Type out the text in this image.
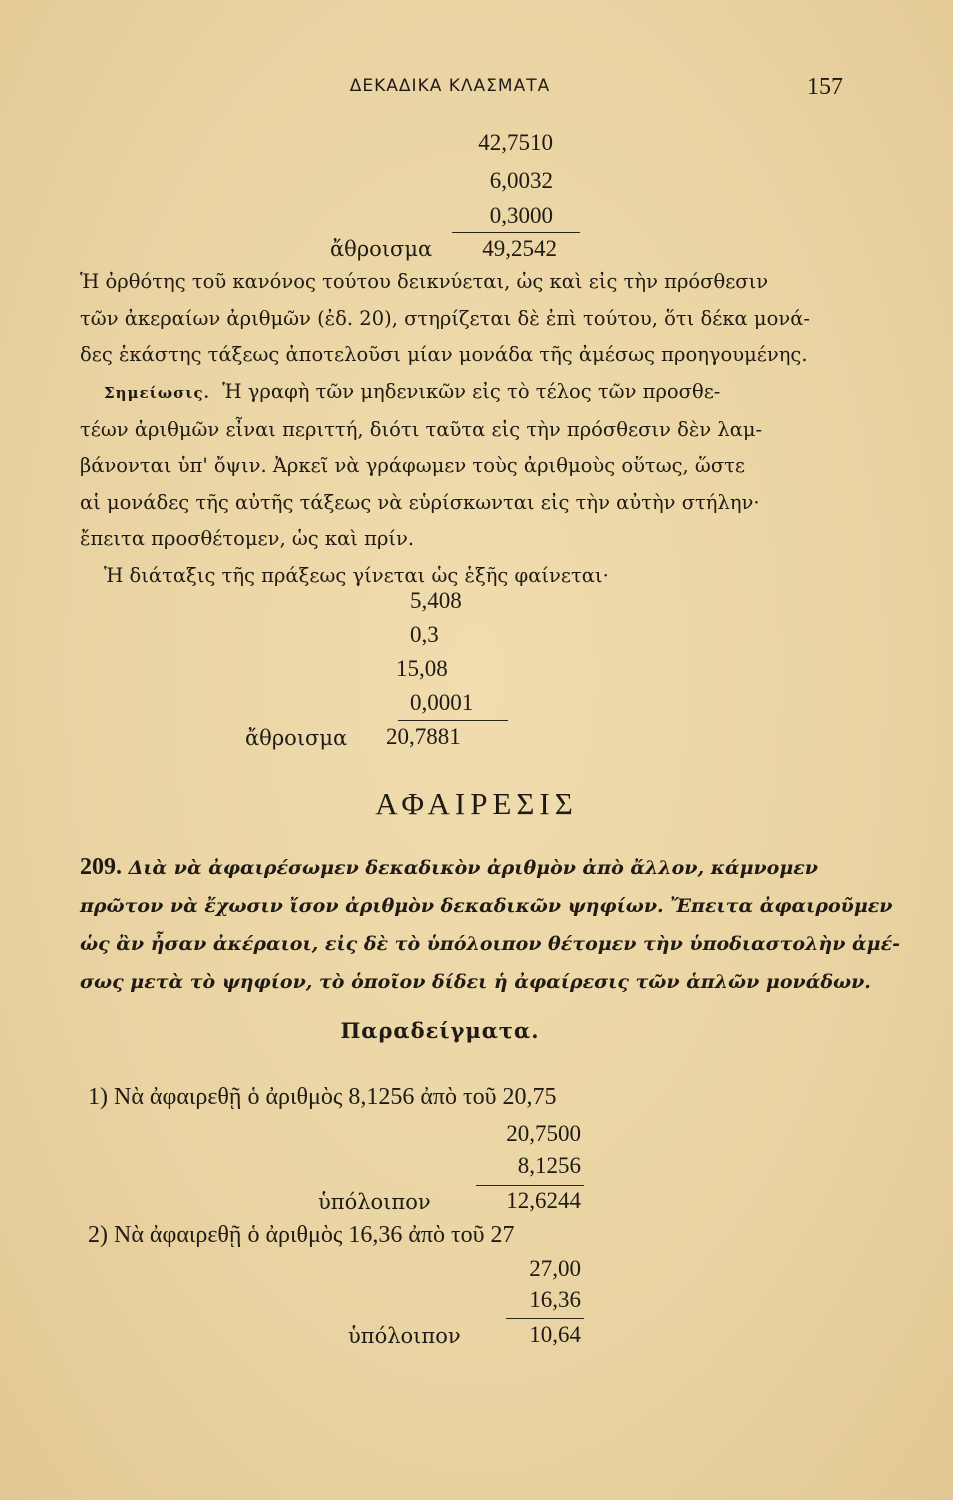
ΔΕΚΑΔΙΚΑ ΚΛΑΣΜΑΤΑ	157
42,7510
6,0032
0,3000
ἄθροισμα 49,2542
Ἡ ὀρθότης τοῦ κανόνος τούτου δεικνύεται, ὡς καὶ εἰς τὴν πρόσθεσιν
τῶν ἀκεραίων ἀριθμῶν (ἐδ. 20), στηρίζεται δὲ ἐπὶ τούτου, ὅτι δέκα μονά-
δες ἑκάστης τάξεως ἀποτελοῦσι μίαν μονάδα τῆς ἀμέσως προηγουμένης.
Σημείωσις. Ἡ γραφὴ τῶν μηδενικῶν εἰς τὸ τέλος τῶν προσθε-
τέων ἀριθμῶν εἶναι περιττή, διότι ταῦτα εἰς τὴν πρόσθεσιν δὲν λαμ-
βάνονται ὑπ' ὄψιν. Ἀρκεῖ νὰ γράφωμεν τοὺς ἀριθμοὺς οὕτως, ὥστε
αἱ μονάδες τῆς αὐτῆς τάξεως νὰ εὑρίσκωνται εἰς τὴν αὐτὴν στήλην·
ἔπειτα προσθέτομεν, ὡς καὶ πρίν.
Ἡ διάταξις τῆς πράξεως γίνεται ὡς ἑξῆς φαίνεται·
5,408
0,3
15,08
0,0001
ἄθροισμα 20,7881
ΑΦΑΙΡΕΣΙΣ
209. Διὰ νὰ ἀφαιρέσωμεν δεκαδικὸν ἀριθμὸν ἀπὸ ἄλλον, κάμνομεν
πρῶτον νὰ ἔχωσιν ἴσον ἀριθμὸν δεκαδικῶν ψηφίων. Ἔπειτα ἀφαιροῦμεν
ὡς ἂν ἦσαν ἀκέραιοι, εἰς δὲ τὸ ὑπόλοιπον θέτομεν τὴν ὑποδιαστολὴν ἀμέ-
σως μετὰ τὸ ψηφίον, τὸ ὁποῖον δίδει ἡ ἀφαίρεσις τῶν ἁπλῶν μονάδων.
Παραδείγματα.
1) Νὰ ἀφαιρεθῇ ὁ ἀριθμὸς 8,1256 ἀπὸ τοῦ 20,75
20,7500
8,1256
ὑπόλοιπον	12,6244
2) Νὰ ἀφαιρεθῇ ὁ ἀριθμὸς 16,36 ἀπὸ τοῦ 27
27,00
16,36
ὑπόλοιπον	10,64
